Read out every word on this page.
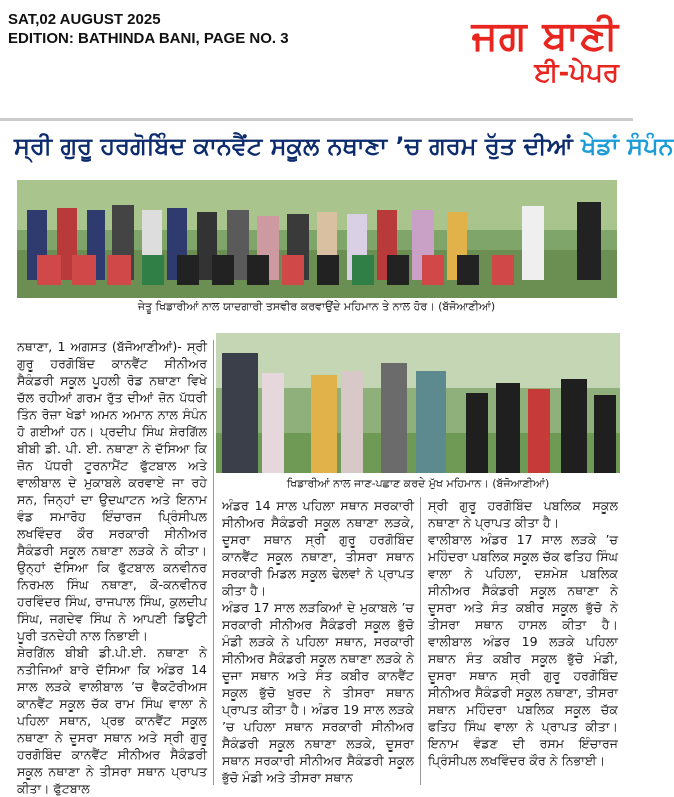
SAT,02 AUGUST 2025
EDITION: BATHINDA BANI, PAGE NO. 3	ਜਗ ਬਾਣੀ
ਈ-ਪੇਪਰ
ਸ੍ਰੀ ਗੁਰੂ ਹਰਗੋਬਿੰਦ ਕਾਨਵੈਂਟ ਸਕੂਲ ਨਥਾਣਾ ’ਚ ਗਰਮ ਰੁੱਤ ਦੀਆਂ ਖੇਡਾਂ ਸੰਪੰਨ
ਜੇਤੂ ਖਿਡਾਰੀਆਂ ਨਾਲ ਯਾਦਗਾਰੀ ਤਸਵੀਰ ਕਰਵਾਉਂਦੇ ਮਹਿਮਾਨ ਤੇ ਨਾਲ ਹੋਰ। (ਬੱਜੋਆਣੀਆਂ)

ਨਥਾਣਾ, 1 ਅਗਸਤ (ਬੱਜੋਆਣੀਆਂ)- ਸ੍ਰੀ ਗੁਰੂ ਹਰਗੋਬਿੰਦ ਕਾਨਵੈਂਟ ਸੀਨੀਅਰ ਸੈਕੰਡਰੀ ਸਕੂਲ ਪੂਹਲੀ ਰੋਡ ਨਥਾਣਾ ਵਿਖੇ ਚੱਲ ਰਹੀਆਂ ਗਰਮ ਰੁੱਤ ਦੀਆਂ ਜ਼ੋਨ ਪੱਧਰੀ ਤਿੰਨ ਰੋਜ਼ਾ ਖੇਡਾਂ ਅਮਨ ਅਮਾਨ ਨਾਲ ਸੰਪੰਨ ਹੋ ਗਈਆਂ ਹਨ। ਪ੍ਰਦੀਪ ਸਿੰਘ ਸ਼ੇਰਗਿੱਲ ਬੀਬੀ ਡੀ. ਪੀ. ਈ. ਨਥਾਣਾ ਨੇ ਦੱਸਿਆ ਕਿ ਜ਼ੋਨ ਪੱਧਰੀ ਟੂਰਨਾਮੈਂਟ ਫੁੱਟਬਾਲ ਅਤੇ ਵਾਲੀਬਾਲ ਦੇ ਮੁਕਾਬਲੇ ਕਰਵਾਏ ਜਾ ਰਹੇ ਸਨ, ਜਿਨ੍ਹਾਂ ਦਾ ਉਦਘਾਟਨ ਅਤੇ ਇਨਾਮ ਵੰਡ ਸਮਾਰੋਹ ਇੰਚਾਰਜ ਪ੍ਰਿੰਸੀਪਲ ਲਖਵਿੰਦਰ ਕੌਰ ਸਰਕਾਰੀ ਸੀਨੀਅਰ ਸੈਕੰਡਰੀ ਸਕੂਲ ਨਥਾਣਾ ਲੜਕੇ ਨੇ ਕੀਤਾ। ਉਨ੍ਹਾਂ ਦੱਸਿਆ ਕਿ ਫੁੱਟਬਾਲ ਕਨਵੀਨਰ ਨਿਰਮਲ ਸਿੰਘ ਨਥਾਣਾ, ਕੋ-ਕਨਵੀਨਰ ਹਰਵਿੰਦਰ ਸਿੰਘ, ਰਾਜਪਾਲ ਸਿੰਘ, ਕੁਲਦੀਪ ਸਿੰਘ, ਜਗਦੇਵ ਸਿੰਘ ਨੇ ਆਪਣੀ ਡਿਊਟੀ ਪੂਰੀ ਤਨਦੇਹੀ ਨਾਲ ਨਿਭਾਈ।

ਸ਼ੇਰਗਿੱਲ ਬੀਬੀ ਡੀ.ਪੀ.ਈ. ਨਥਾਣਾ ਨੇ ਨਤੀਜਿਆਂ ਬਾਰੇ ਦੱਸਿਆ ਕਿ ਅੰਡਰ 14 ਸਾਲ ਲੜਕੇ ਵਾਲੀਬਾਲ ’ਚ ਵੈਕਟੋਰੀਅਸ ਕਾਨਵੈਂਟ ਸਕੂਲ ਚੱਕ ਰਾਮ ਸਿੰਘ ਵਾਲਾ ਨੇ ਪਹਿਲਾ ਸਥਾਨ, ਪ੍ਰਭ ਕਾਨਵੈਂਟ ਸਕੂਲ ਨਥਾਣਾ ਨੇ ਦੂਸਰਾ ਸਥਾਨ ਅਤੇ ਸ੍ਰੀ ਗੁਰੂ ਹਰਗੋਬਿੰਦ ਕਾਨਵੈਂਟ ਸੀਨੀਅਰ ਸੈਕੰਡਰੀ ਸਕੂਲ ਨਥਾਣਾ ਨੇ ਤੀਸਰਾ ਸਥਾਨ ਪ੍ਰਾਪਤ ਕੀਤਾ। ਫੁੱਟਬਾਲ

ਖਿਡਾਰੀਆਂ ਨਾਲ ਜਾਣ-ਪਛਾਣ ਕਰਦੇ ਮੁੱਖ ਮਹਿਮਾਨ। (ਬੱਜੋਆਣੀਆਂ)

ਅੰਡਰ 14 ਸਾਲ ਪਹਿਲਾ ਸਥਾਨ ਸਰਕਾਰੀ ਸੀਨੀਅਰ ਸੈਕੰਡਰੀ ਸਕੂਲ ਨਥਾਣਾ ਲੜਕੇ, ਦੂਸਰਾ ਸਥਾਨ ਸ੍ਰੀ ਗੁਰੂ ਹਰਗੋਬਿੰਦ ਕਾਨਵੈਂਟ ਸਕੂਲ ਨਥਾਣਾ, ਤੀਸਰਾ ਸਥਾਨ ਸਰਕਾਰੀ ਮਿਡਲ ਸਕੂਲ ਢੇਲਵਾਂ ਨੇ ਪ੍ਰਾਪਤ ਕੀਤਾ ਹੈ।

ਅੰਡਰ 17 ਸਾਲ ਲੜਕਿਆਂ ਦੇ ਮੁਕਾਬਲੇ ’ਚ ਸਰਕਾਰੀ ਸੀਨੀਅਰ ਸੈਕੰਡਰੀ ਸਕੂਲ ਭੁੱਚੋ ਮੰਡੀ ਲੜਕੇ ਨੇ ਪਹਿਲਾ ਸਥਾਨ, ਸਰਕਾਰੀ ਸੀਨੀਅਰ ਸੈਕੰਡਰੀ ਸਕੂਲ ਨਥਾਣਾ ਲੜਕੇ ਨੇ ਦੂਜਾ ਸਥਾਨ ਅਤੇ ਸੰਤ ਕਬੀਰ ਕਾਨਵੈਂਟ ਸਕੂਲ ਭੁੱਚੋ ਖੁਰਦ ਨੇ ਤੀਸਰਾ ਸਥਾਨ ਪ੍ਰਾਪਤ ਕੀਤਾ ਹੈ। ਅੰਡਰ 19 ਸਾਲ ਲੜਕੇ ’ਚ ਪਹਿਲਾ ਸਥਾਨ ਸਰਕਾਰੀ ਸੀਨੀਅਰ ਸੈਕੰਡਰੀ ਸਕੂਲ ਨਥਾਣਾ ਲੜਕੇ, ਦੂਸਰਾ ਸਥਾਨ ਸਰਕਾਰੀ ਸੀਨੀਅਰ ਸੈਕੰਡਰੀ ਸਕੂਲ ਭੁੱਚੋ ਮੰਡੀ ਅਤੇ ਤੀਸਰਾ ਸਥਾਨ

ਸ੍ਰੀ ਗੁਰੂ ਹਰਗੋਬਿੰਦ ਪਬਲਿਕ ਸਕੂਲ ਨਥਾਣਾ ਨੇ ਪ੍ਰਾਪਤ ਕੀਤਾ ਹੈ।

ਵਾਲੀਬਾਲ ਅੰਡਰ 17 ਸਾਲ ਲੜਕੇ ’ਚ ਮਹਿੰਦਰਾ ਪਬਲਿਕ ਸਕੂਲ ਚੱਕ ਫਤਿਹ ਸਿੰਘ ਵਾਲਾ ਨੇ ਪਹਿਲਾ, ਦਸ਼ਮੇਸ਼ ਪਬਲਿਕ ਸੀਨੀਅਰ ਸੈਕੰਡਰੀ ਸਕੂਲ ਨਥਾਣਾ ਨੇ ਦੂਸਰਾ ਅਤੇ ਸੰਤ ਕਬੀਰ ਸਕੂਲ ਭੁੱਚੋ ਨੇ ਤੀਸਰਾ ਸਥਾਨ ਹਾਸਲ ਕੀਤਾ ਹੈ। ਵਾਲੀਬਾਲ ਅੰਡਰ 19 ਲੜਕੇ ਪਹਿਲਾ ਸਥਾਨ ਸੰਤ ਕਬੀਰ ਸਕੂਲ ਭੁੱਚੋ ਮੰਡੀ, ਦੂਸਰਾ ਸਥਾਨ ਸ੍ਰੀ ਗੁਰੂ ਹਰਗੋਬਿੰਦ ਸੀਨੀਅਰ ਸੈਕੰਡਰੀ ਸਕੂਲ ਨਥਾਣਾ, ਤੀਸਰਾ ਸਥਾਨ ਮਹਿੰਦਰਾ ਪਬਲਿਕ ਸਕੂਲ ਚੱਕ ਫਤਿਹ ਸਿੰਘ ਵਾਲਾ ਨੇ ਪ੍ਰਾਪਤ ਕੀਤਾ। ਇਨਾਮ ਵੰਡਣ ਦੀ ਰਸਮ ਇੰਚਾਰਜ ਪ੍ਰਿੰਸੀਪਲ ਲਖਵਿੰਦਰ ਕੌਰ ਨੇ ਨਿਭਾਈ।
